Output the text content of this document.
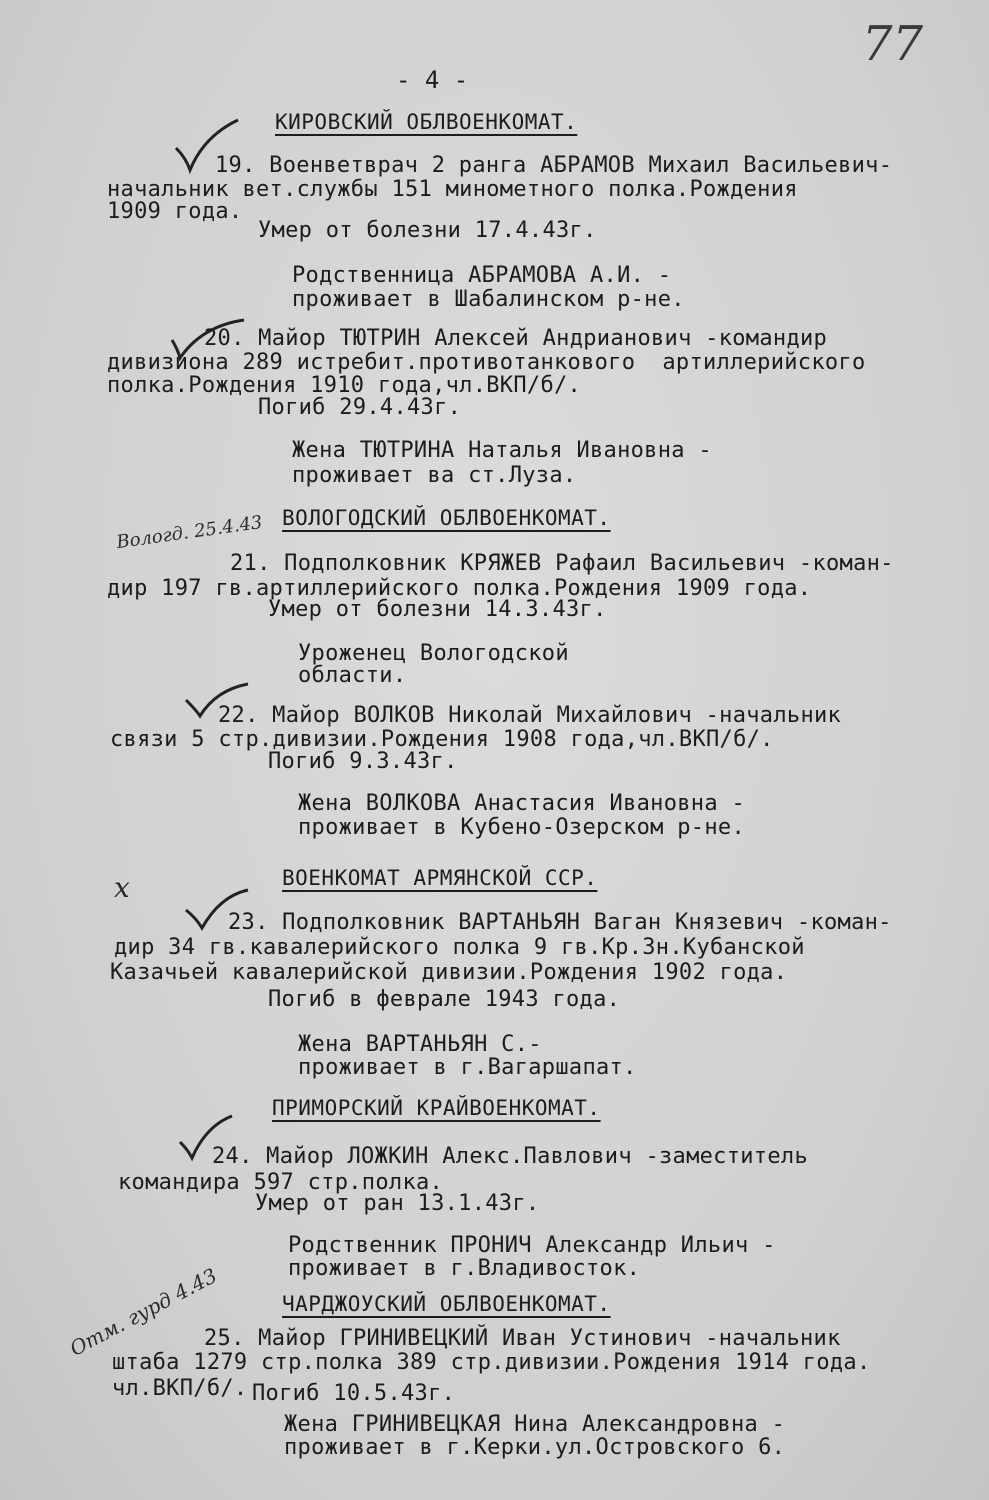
77
- 4 -
КИРОВСКИЙ ОБЛВОЕНКОМАТ.
19. Военветврач 2 ранга АБРАМОВ Михаил Васильевич-
начальник вет.службы 151 минометного полка.Рождения
1909 года.
Умер от болезни 17.4.43г.
Родственница АБРАМОВА А.И. -
проживает в Шабалинском р-не.
20. Майор ТЮТРИН Алексей Андрианович -командир
дивизиона 289 истребит.противотанкового  артиллерийского
полка.Рождения 1910 года,чл.ВКП/б/.
Погиб 29.4.43г.
Жена ТЮТРИНА Наталья Ивановна -
проживает ва ст.Луза.
ВОЛОГОДСКИЙ ОБЛВОЕНКОМАТ.
Вологд. 25.4.43
21. Подполковник КРЯЖЕВ Рафаил Васильевич -коман-
дир 197 гв.артиллерийского полка.Рождения 1909 года.
Умер от болезни 14.3.43г.
Уроженец Вологодской
области.
22. Майор ВОЛКОВ Николай Михайлович -начальник
связи 5 стр.дивизии.Рождения 1908 года,чл.ВКП/б/.
Погиб 9.3.43г.
Жена ВОЛКОВА Анастасия Ивановна -
проживает в Кубено-Озерском р-не.
ВОЕНКОМАТ АРМЯНСКОЙ ССР.
х
23. Подполковник ВАРТАНЬЯН Ваган Князевич -коман-
дир 34 гв.кавалерийского полка 9 гв.Кр.Зн.Кубанской
Казачьей кавалерийской дивизии.Рождения 1902 года.
Погиб в феврале 1943 года.
Жена ВАРТАНЬЯН С.-
проживает в г.Вагаршапат.
ПРИМОРСКИЙ КРАЙВОЕНКОМАТ.
24. Майор ЛОЖКИН Алекс.Павлович -заместитель
командира 597 стр.полка.
Умер от ран 13.1.43г.
Родственник ПРОНИЧ Александр Ильич -
проживает в г.Владивосток.
ЧАРДЖОУСКИЙ ОБЛВОЕНКОМАТ.
Отм. гурд 4.43
25. Майор ГРИНИВЕЦКИЙ Иван Устинович -начальник
штаба 1279 стр.полка 389 стр.дивизии.Рождения 1914 года.
чл.ВКП/б/. Погиб 10.5.43г.
Жена ГРИНИВЕЦКАЯ Нина Александровна -
проживает в г.Керки.ул.Островского 6.
